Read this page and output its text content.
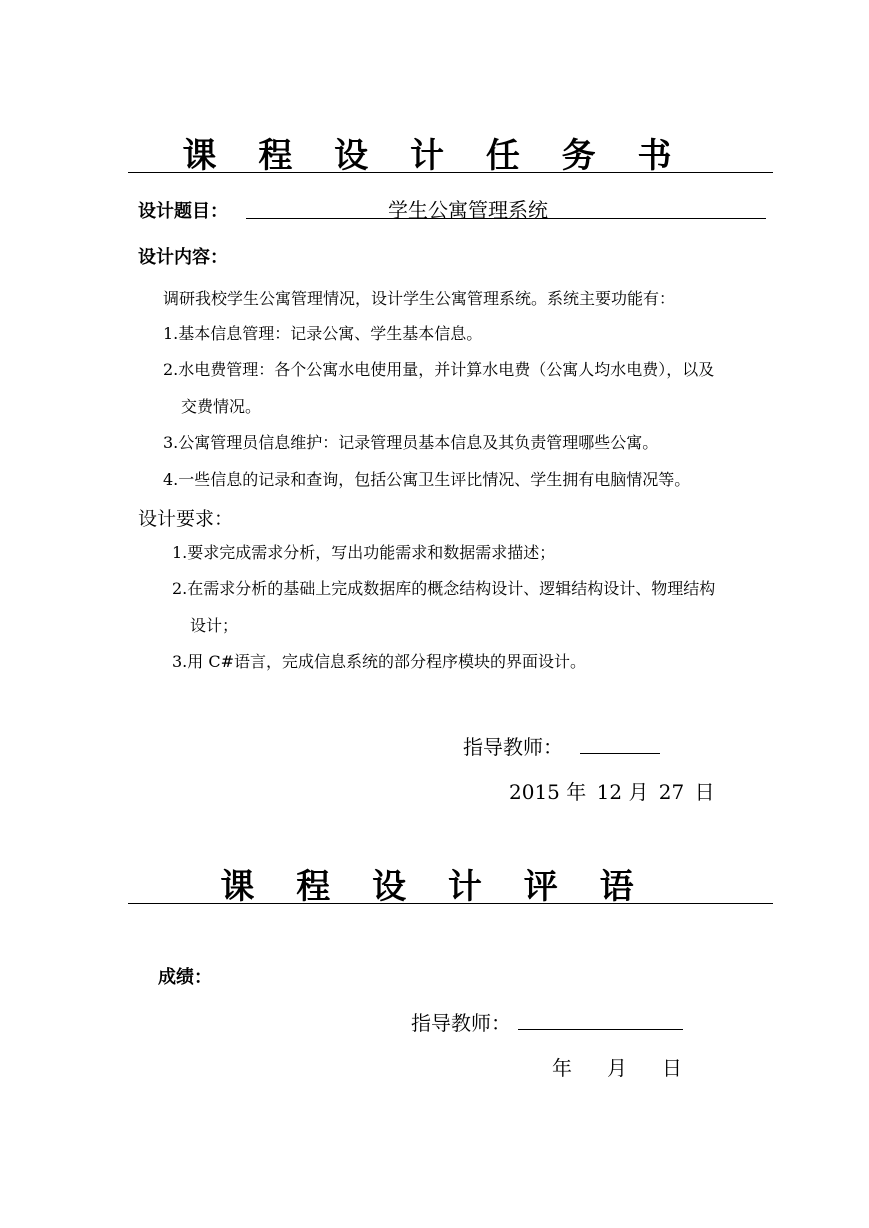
课 程 设 计 任 务 书
设计题目：	学生公寓管理系统
设计内容：
调研我校学生公寓管理情况，设计学生公寓管理系统。系统主要功能有：
1.基本信息管理：记录公寓、学生基本信息。
2.水电费管理：各个公寓水电使用量，并计算水电费（公寓人均水电费），以及
交费情况。
3.公寓管理员信息维护：记录管理员基本信息及其负责管理哪些公寓。
4.一些信息的记录和查询，包括公寓卫生评比情况、学生拥有电脑情况等。
设计要求：
1.要求完成需求分析，写出功能需求和数据需求描述；
2.在需求分析的基础上完成数据库的概念结构设计、逻辑结构设计、物理结构
设计；
3.用 C#语言，完成信息系统的部分程序模块的界面设计。
指导教师：
2015 年 12 月 27 日
课 程 设 计 评 语
成绩：
指导教师：
年 月 日
